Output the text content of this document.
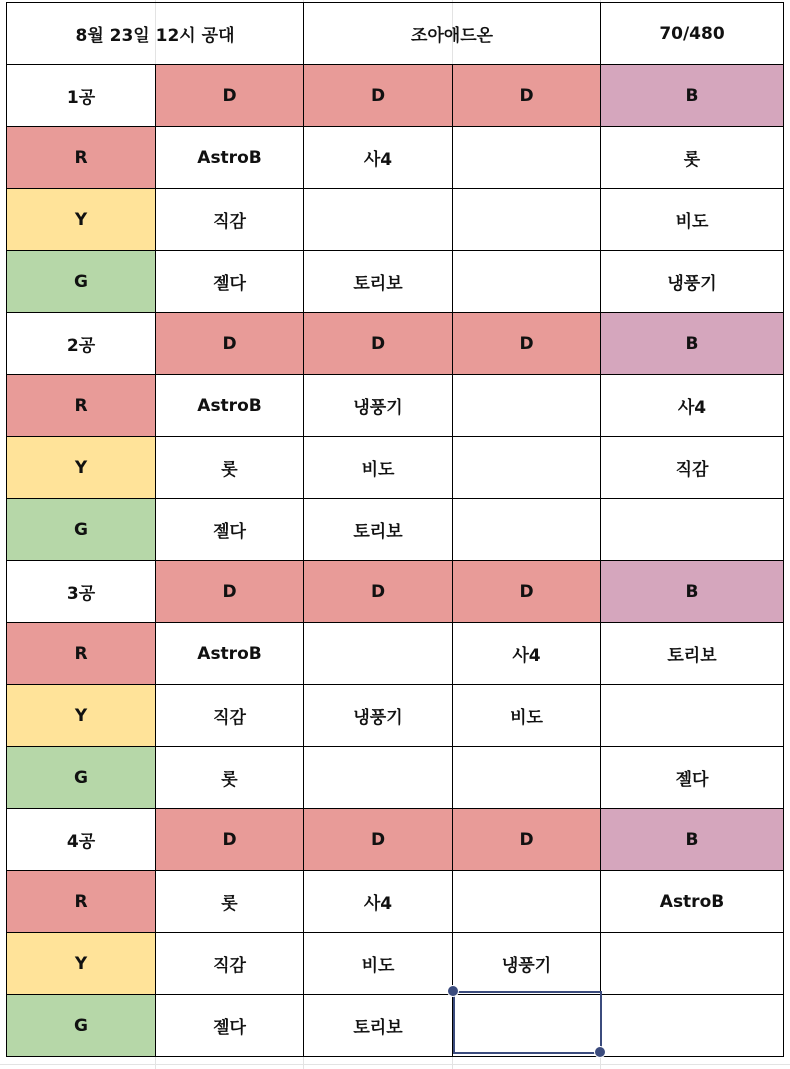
8월 23일 12시 공대		조아애드온		70/480
1공	D	D	D	B
R	AstroB	사4		롯
Y	직감			비도
G	젤다	토리보		냉풍기
2공	D	D	D	B
R	AstroB	냉풍기		사4
Y	롯	비도		직감
G	젤다	토리보		
3공	D	D	D	B
R	AstroB		사4	토리보
Y	직감	냉풍기	비도	
G	롯			젤다
4공	D	D	D	B
R	롯	사4		AstroB
Y	직감	비도	냉풍기	
G	젤다	토리보		
